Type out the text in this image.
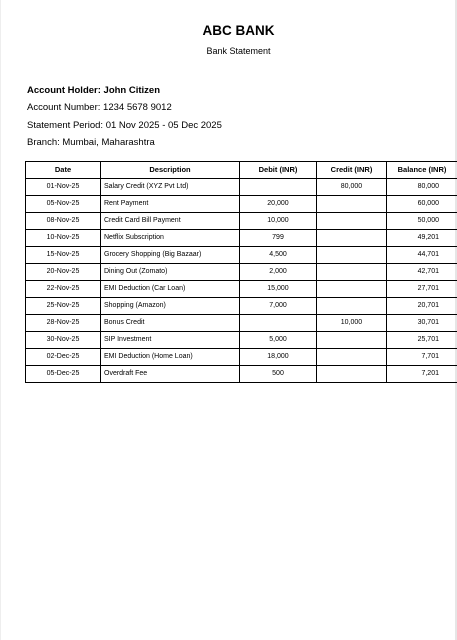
ABC BANK
Bank Statement
Account Holder: John Citizen
Account Number: 1234 5678 9012
Statement Period: 01 Nov 2025 - 05 Dec 2025
Branch: Mumbai, Maharashtra
Date	Description	Debit (INR)	Credit (INR)	Balance (INR)
01-Nov-25	Salary Credit (XYZ Pvt Ltd)		80,000	80,000
05-Nov-25	Rent Payment	20,000		60,000
08-Nov-25	Credit Card Bill Payment	10,000		50,000
10-Nov-25	Netflix Subscription	799		49,201
15-Nov-25	Grocery Shopping (Big Bazaar)	4,500		44,701
20-Nov-25	Dining Out (Zomato)	2,000		42,701
22-Nov-25	EMI Deduction (Car Loan)	15,000		27,701
25-Nov-25	Shopping (Amazon)	7,000		20,701
28-Nov-25	Bonus Credit		10,000	30,701
30-Nov-25	SIP Investment	5,000		25,701
02-Dec-25	EMI Deduction (Home Loan)	18,000		7,701
05-Dec-25	Overdraft Fee	500		7,201
